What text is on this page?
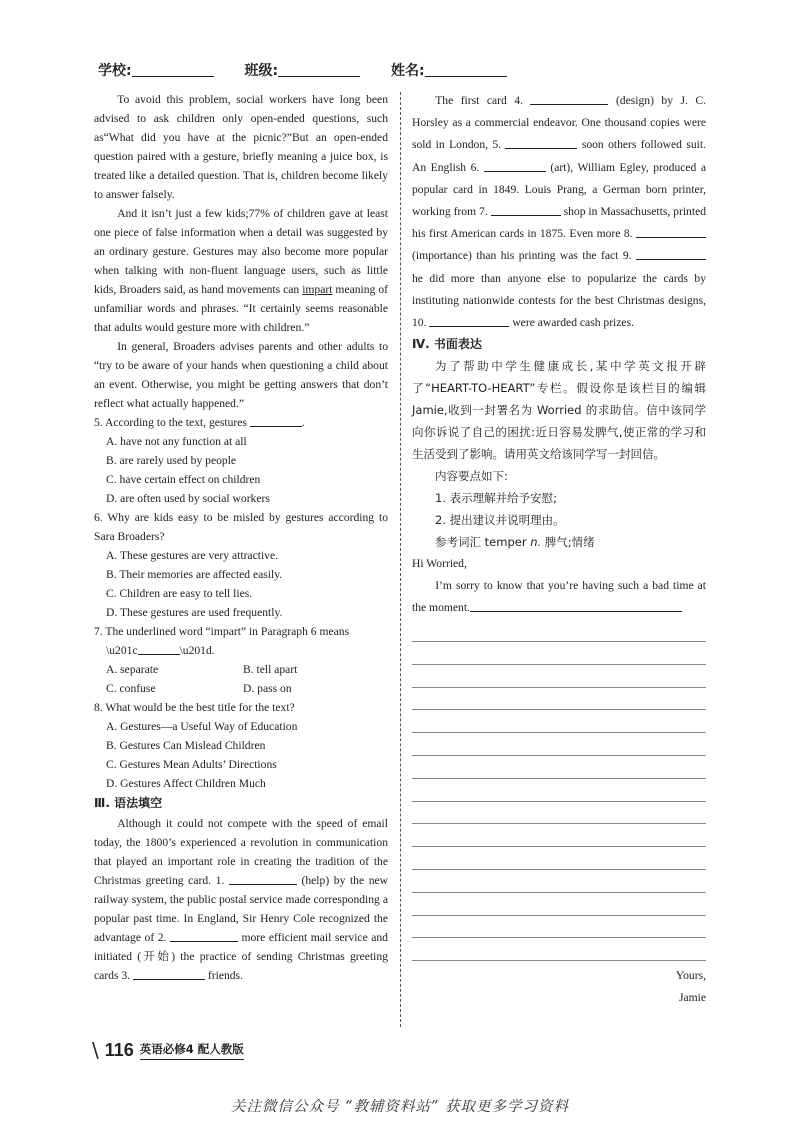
学校:	班级:	姓名:

To avoid this problem, social workers have long been advised to ask children only open-ended questions, such as“What did you have at the picnic?”But an open-ended question paired with a gesture, briefly meaning a juice box, is treated like a detailed question. That is, children become likely to answer falsely.

And it isn’t just a few kids;77% of children gave at least one piece of false information when a detail was suggested by an ordinary gesture. Gestures may also become more popular when talking with non-fluent language users, such as little kids, Broaders said, as hand movements can impart meaning of unfamiliar words and phrases. “It certainly seems reasonable that adults would gesture more with children.”

In general, Broaders advises parents and other adults to “try to be aware of your hands when questioning a child about an event. Otherwise, you might be getting answers that don’t reflect what actually happened.”

5. According to the text, gestures	.

A. have not any function at all

B. are rarely used by people

C. have certain effect on children

D. are often used by social workers

6. Why are kids easy to be misled by gestures according to Sara Broaders?

A. These gestures are very attractive.

B. Their memories are affected easily.

C. Children are easy to tell lies.

D. These gestures are used frequently.

7. The underlined word “impart” in Paragraph 6 means

\u201c	\u201d.

A. separate	B. tell apart
C. confuse	D. pass on

8. What would be the best title for the text?

A. Gestures—a Useful Way of Education

B. Gestures Can Mislead Children

C. Gestures Mean Adults’ Directions

D. Gestures Affect Children Much

Ⅲ. 语法填空

Although it could not compete with the speed of email today, the 1800’s experienced a revolution in communication that played an important role in creating the tradition of the Christmas greeting card. 1.	(help) by the new railway system, the public postal service made corresponding a popular past time. In England, Sir Henry Cole recognized the advantage of 2.	more efficient mail service and initiated (开始) the practice of sending Christmas greeting cards 3.	friends.

The first card 4.	(design) by J. C. Horsley as a commercial endeavor. One thousand copies were sold in London, 5.	soon others followed suit. An English 6.	(art), William Egley, produced a popular card in 1849. Louis Prang, a German born printer, working from 7.	shop in Massachusetts, printed his first American cards in 1875. Even more 8.  (importance) than his printing was the fact 9.  he did more than anyone else to popularize the cards by instituting nationwide contests for the best Christmas designs, 10.	were awarded cash prizes.

Ⅳ. 书面表达

为了帮助中学生健康成长,某中学英文报开辟了“HEART-TO-HEART”专栏。假设你是该栏目的编辑Jamie,收到一封署名为 Worried 的求助信。信中该同学向你诉说了自己的困扰:近日容易发脾气,使正常的学习和生活受到了影响。请用英文给该同学写一封回信。

内容要点如下:

1. 表示理解并给予安慰;

2. 提出建议并说明理由。

参考词汇 temper n. 脾气;情绪

Hi Worried,

I’m sorry to know that you’re having such a bad time at the moment.

Yours,

Jamie

\ 116 英语必修4 配人教版
关注微信公众号 “教辅资料站” 获取更多学习资料
